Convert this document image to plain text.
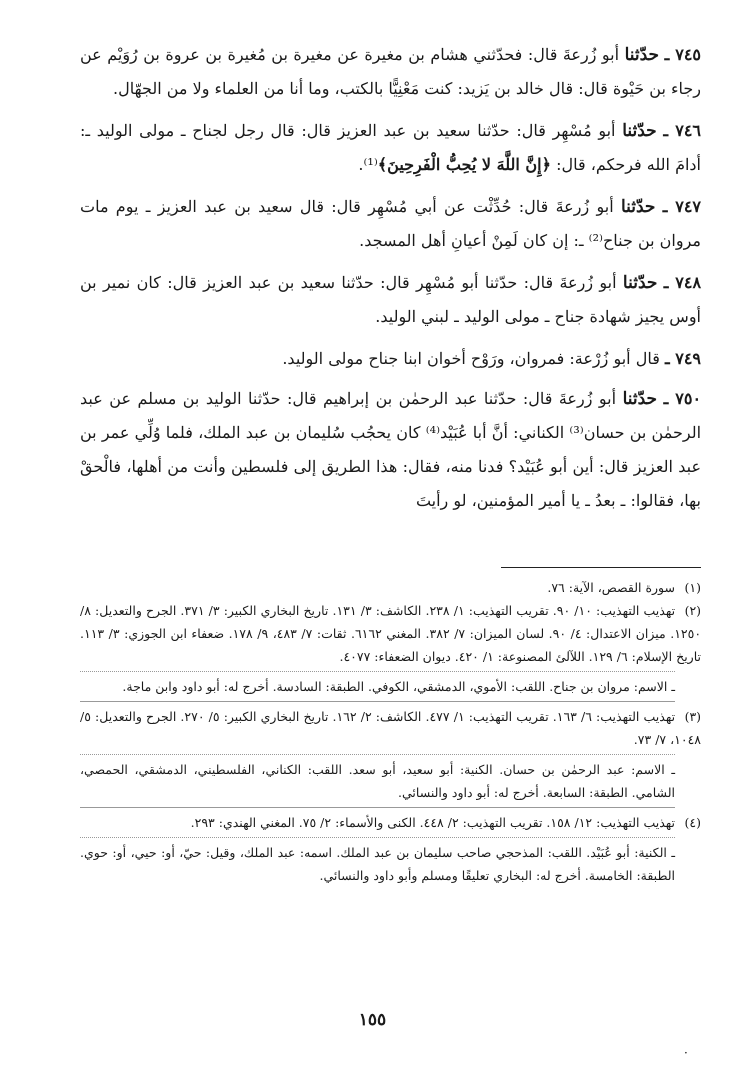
٧٤٥ ـ حدّثنا أبو زُرعةَ قال: فحدّثني هشام بن مغيرة عن مغيرة بن مُغيرة بن عروة بن رُوَيْم عن رجاء بن حَيْوة قال: قال خالد بن يَزيد: كنت مَعْنِيًّا بالكتب، وما أنا من العلماء ولا من الجهّال.

٧٤٦ ـ حدّثنا أبو مُسْهِر قال: حدّثنا سعيد بن عبد العزيز قال: قال رجل لجناح ـ مولى الوليد ـ: أدامَ الله فرحكم، قال: ﴿إِنَّ اللَّهَ لا يُحِبُّ الْفَرِحِينَ﴾⁽¹⁾.

٧٤٧ ـ حدّثنا أبو زُرعةَ قال: حُدِّثْت عن أبي مُسْهِر قال: قال سعيد بن عبد العزيز ـ يوم مات مروان بن جناح⁽²⁾ ـ: إن كان لَمِنْ أعيانِ أهل المسجد.

٧٤٨ ـ حدّثنا أبو زُرعةَ قال: حدّثنا أبو مُسْهِر قال: حدّثنا سعيد بن عبد العزيز قال: كان نمير بن أوس يجيز شهادة جناح ـ مولى الوليد ـ لبني الوليد.

٧٤٩ ـ قال أبو زُرْعة: فمروان، ورَوْح أخوان ابنا جناح مولى الوليد.

٧٥٠ ـ حدّثنا أبو زُرعةَ قال: حدّثنا عبد الرحمٰن بن إبراهيم قال: حدّثنا الوليد بن مسلم عن عبد الرحمٰن بن حسان⁽³⁾ الكناني: أنَّ أبا عُبَيْد⁽⁴⁾ كان يحجُب سُليمان بن عبد الملك، فلما وُلِّي عمر بن عبد العزيز قال: أين أبو عُبَيْد؟ فدنا منه، فقال: هذا الطريق إلى فلسطين وأنت من أهلها، فالْحقْ بها، فقالوا: ـ بعدُ ـ يا أمير المؤمنين، لو رأيتَ

(١)سورة القصص، الآية: ٧٦.

(٢)تهذيب التهذيب: ١٠/ ٩٠. تقريب التهذيب: ١/ ٢٣٨. الكاشف: ٣/ ١٣١. تاريخ البخاري الكبير: ٣/ ٣٧١. الجرح والتعديل: ٨/ ١٢٥٠. ميزان الاعتدال: ٤/ ٩٠. لسان الميزان: ٧/ ٣٨٢. المغني ٦١٦٢. ثقات: ٧/ ٤٨٣، ٩/ ١٧٨. ضعفاء ابن الجوزي: ٣/ ١١٣. تاريخ الإسلام: ٦/ ١٢٩. اللآلئ المصنوعة: ١/ ٤٢٠. ديوان الضعفاء: ٤٠٧٧.

ـ الاسم: مروان بن جناح. اللقب: الأموي، الدمشقي، الكوفي. الطبقة: السادسة. أخرج له: أبو داود وابن ماجة.

(٣)تهذيب التهذيب: ٦/ ١٦٣. تقريب التهذيب: ١/ ٤٧٧. الكاشف: ٢/ ١٦٢. تاريخ البخاري الكبير: ٥/ ٢٧٠. الجرح والتعديل: ٥/ ١٠٤٨، ٧/ ٧٣.

ـ الاسم: عبد الرحمٰن بن حسان. الكنية: أبو سعيد، أبو سعد. اللقب: الكناني، الفلسطيني، الدمشقي، الحمصي، الشامي. الطبقة: السابعة. أخرج له: أبو داود والنسائي.

(٤)تهذيب التهذيب: ١٢/ ١٥٨. تقريب التهذيب: ٢/ ٤٤٨. الكنى والأسماء: ٢/ ٧٥. المغني الهندي: ٢٩٣.

ـ الكنية: أبو عُبَيْد. اللقب: المذحجي صاحب سليمان بن عبد الملك. اسمه: عبد الملك، وقيل: حيّ، أو: حيي، أو: حوي. الطبقة: الخامسة. أخرج له: البخاري تعليقًا ومسلم وأبو داود والنسائي.

١٥٥
·
